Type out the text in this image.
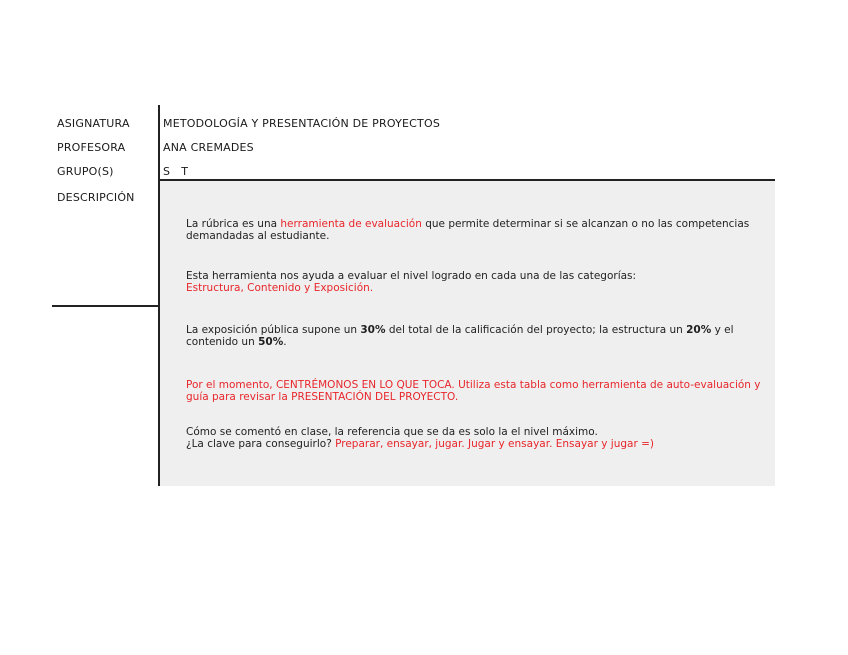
ASIGNATURA
PROFESORA
GRUPO(S)
DESCRIPCIÓN
METODOLOGÍA Y PRESENTACIÓN DE PROYECTOS
ANA CREMADES
S   T
La rúbrica es una herramienta de evaluación que permite determinar si se alcanzan o no las competencias demandadas al estudiante.
Esta herramienta nos ayuda a evaluar el nivel logrado en cada una de las categorías:
Estructura, Contenido y Exposición.
La exposición pública supone un 30% del total de la calificación del proyecto; la estructura un 20% y el contenido un 50%.
Por el momento, CENTRÉMONOS EN LO QUE TOCA. Utiliza esta tabla como herramienta de auto-evaluación y guía para revisar la PRESENTACIÓN DEL PROYECTO.
Cómo se comentó en clase, la referencia que se da es solo la el nivel máximo.
¿La clave para conseguirlo? Preparar, ensayar, jugar. Jugar y ensayar. Ensayar y jugar =)
